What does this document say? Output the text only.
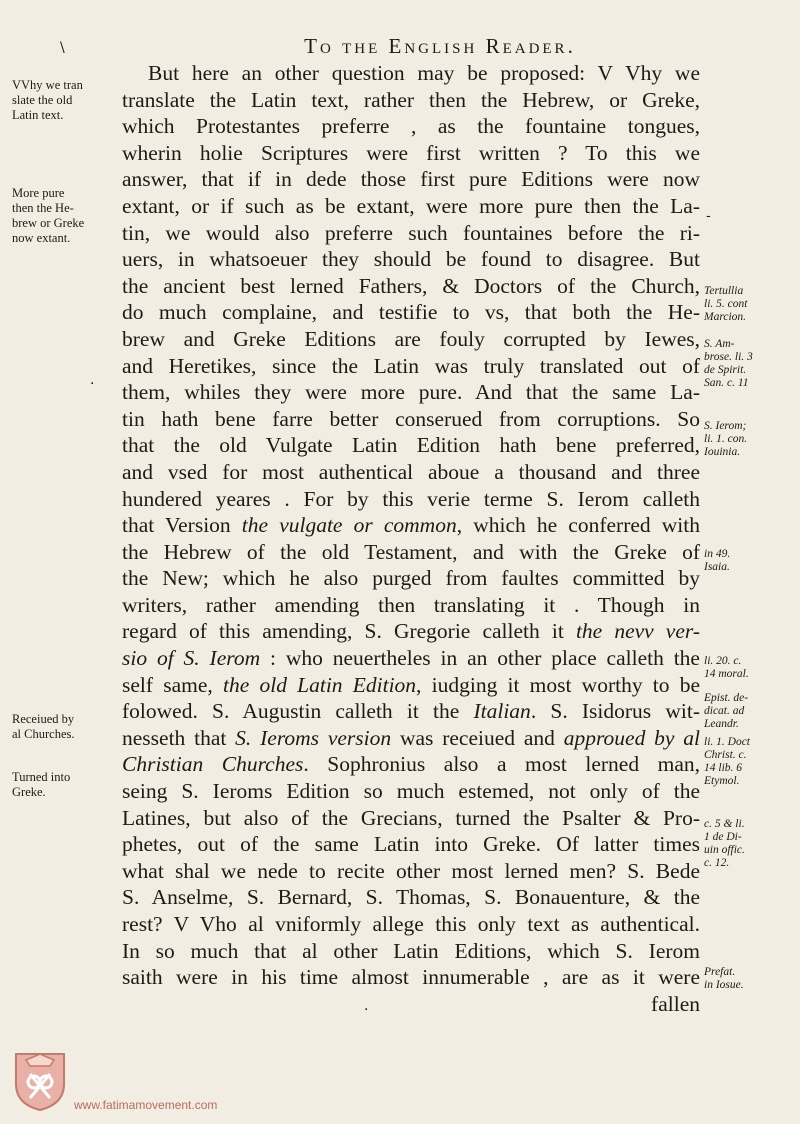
\	To the English Reader.
But here an other question may be proposed: V Vhy we
translate the Latin text, rather then the Hebrew, or Greke,
which Protestantes preferre , as the fountaine tongues,
wherin holie Scriptures were first written ? To this we
answer, that if in dede those first pure Editions were now
extant, or if such as be extant, were more pure then the La-
tin, we would also preferre such fountaines before the ri-
uers, in whatsoeuer they should be found to disagree. But
the ancient best lerned Fathers, & Doctors of the Church,
do much complaine, and testifie to vs, that both the He-
brew and Greke Editions are fouly corrupted by Iewes,
and Heretikes, since the Latin was truly translated out of
them, whiles they were more pure. And that the same La-
tin hath bene farre better conserued from corruptions. So
that the old Vulgate Latin Edition hath bene preferred,
and vsed for most authentical aboue a thousand and three
hundered yeares . For by this verie terme S. Ierom calleth
that Version the vulgate or common, which he conferred with
the Hebrew of the old Testament, and with the Greke of
the New; which he also purged from faultes committed by
writers, rather amending then translating it . Though in
regard of this amending, S. Gregorie calleth it the nevv ver-
sio of S. Ierom : who neuertheles in an other place calleth the
self same, the old Latin Edition, iudging it most worthy to be
folowed. S. Augustin calleth it the Italian. S. Isidorus wit-
nesseth that S. Ieroms version was receiued and approued by al
Christian Churches. Sophronius also a most lerned man,
seing S. Ieroms Edition so much estemed, not only of the
Latines, but also of the Grecians, turned the Psalter & Pro-
phetes, out of the same Latin into Greke. Of latter times
what shal we nede to recite other most lerned men? S. Bede
S. Anselme, S. Bernard, S. Thomas, S. Bonauenture, & the
rest? V Vho al vniformly allege this only text as authentical.
In so much that al other Latin Editions, which S. Ierom
saith were in his time almost innumerable , are as it were
fallen
VVhy we tran
slate the old
Latin text.
More pure
then the He-
brew or Greke
now extant.
Receiued by
al Churches.
Turned into
Greke.
Tertullia
li. 5. cont
Marcion.
S. Am-
brose. li. 3
de Spirit.
San. c. 11
S. Ierom;
li. 1. con.
Iouinia.
in 49.
Isaia.
li. 20. c.
14 moral.
Epist. de-
dicat. ad
Leandr.
li. 1. Doct
Christ. c.
14 lib. 6
Etymol.
c. 5 & li.
1 de Di-
uin offic.
c. 12.
Prefat.
in Iosue.
·
-
·
www.fatimamovement.com
